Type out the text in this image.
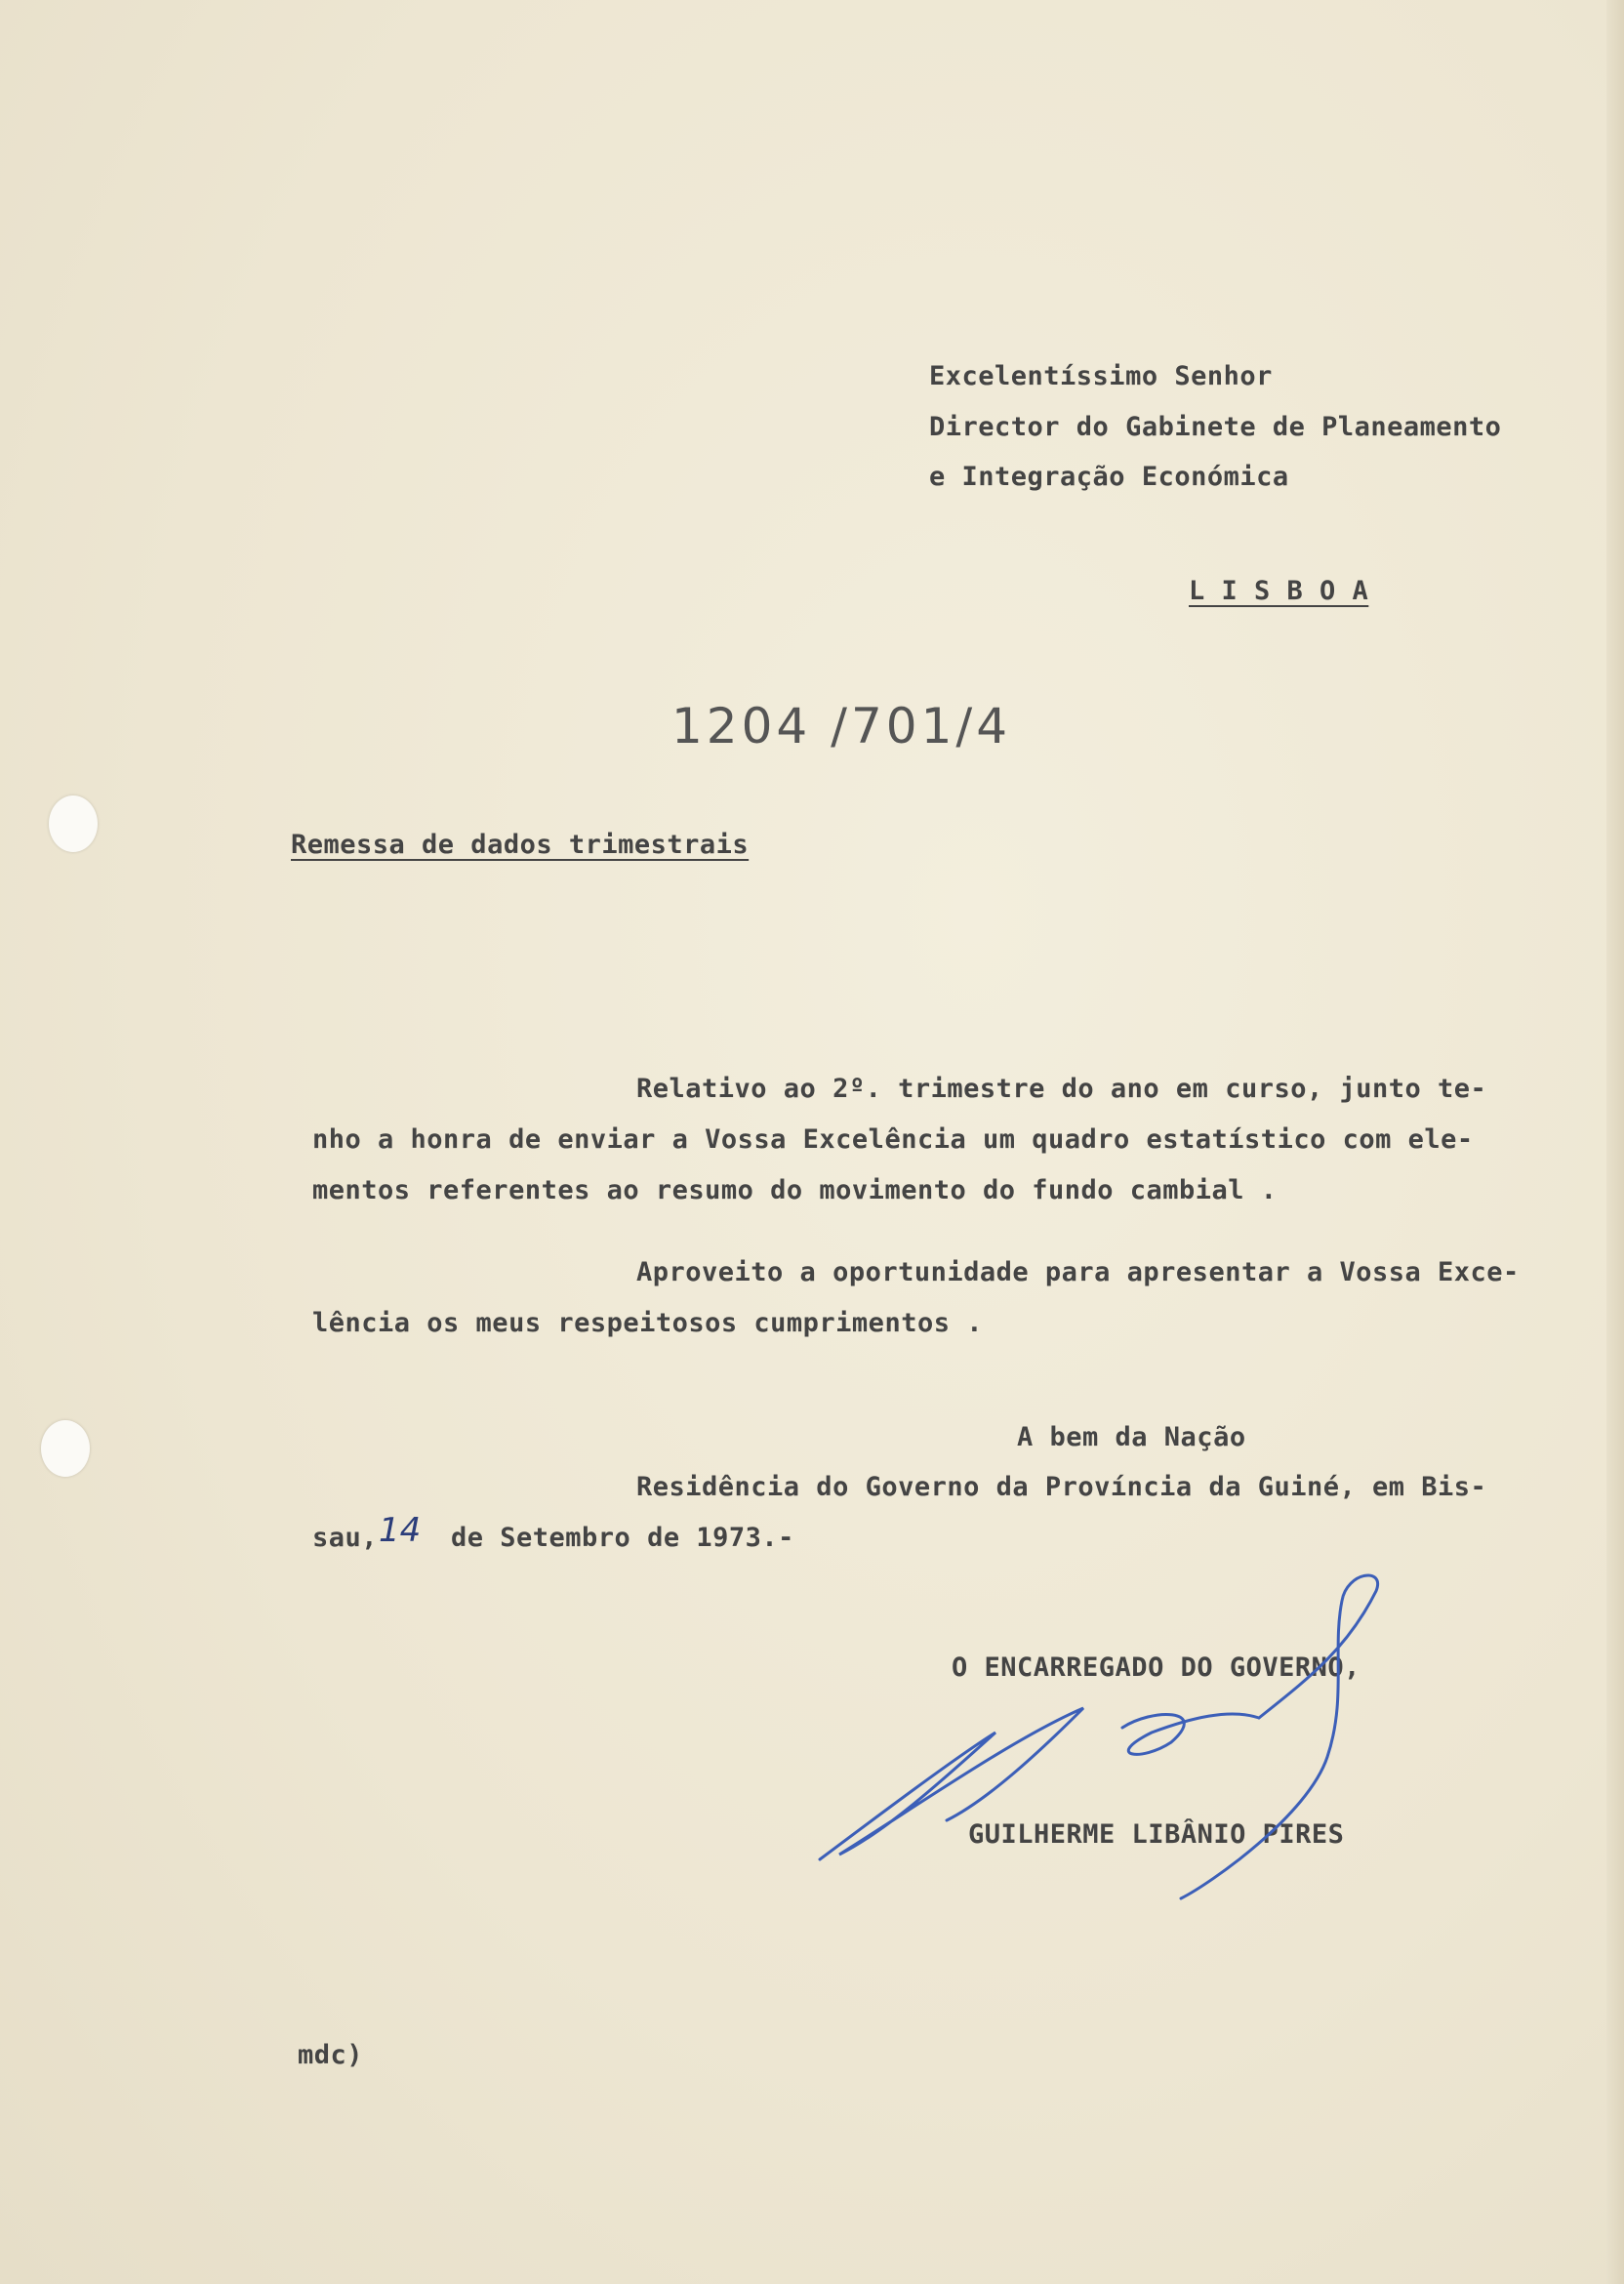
Excelentíssimo Senhor
Director do Gabinete de Planeamento
e Integração Económica
L I S B O A
1204 /701/4
Remessa de dados trimestrais
Relativo ao 2º. trimestre do ano em curso, junto te-
nho a honra de enviar a Vossa Excelência um quadro estatístico com ele-
mentos referentes ao resumo do movimento do fundo cambial .
Aproveito a oportunidade para apresentar a Vossa Exce-
lência os meus respeitosos cumprimentos .
A bem da Nação
Residência do Governo da Província da Guiné, em Bis-
sau, 14 de Setembro de 1973.-
O ENCARREGADO DO GOVERNO,
GUILHERME LIBÂNIO PIRES
mdc)
